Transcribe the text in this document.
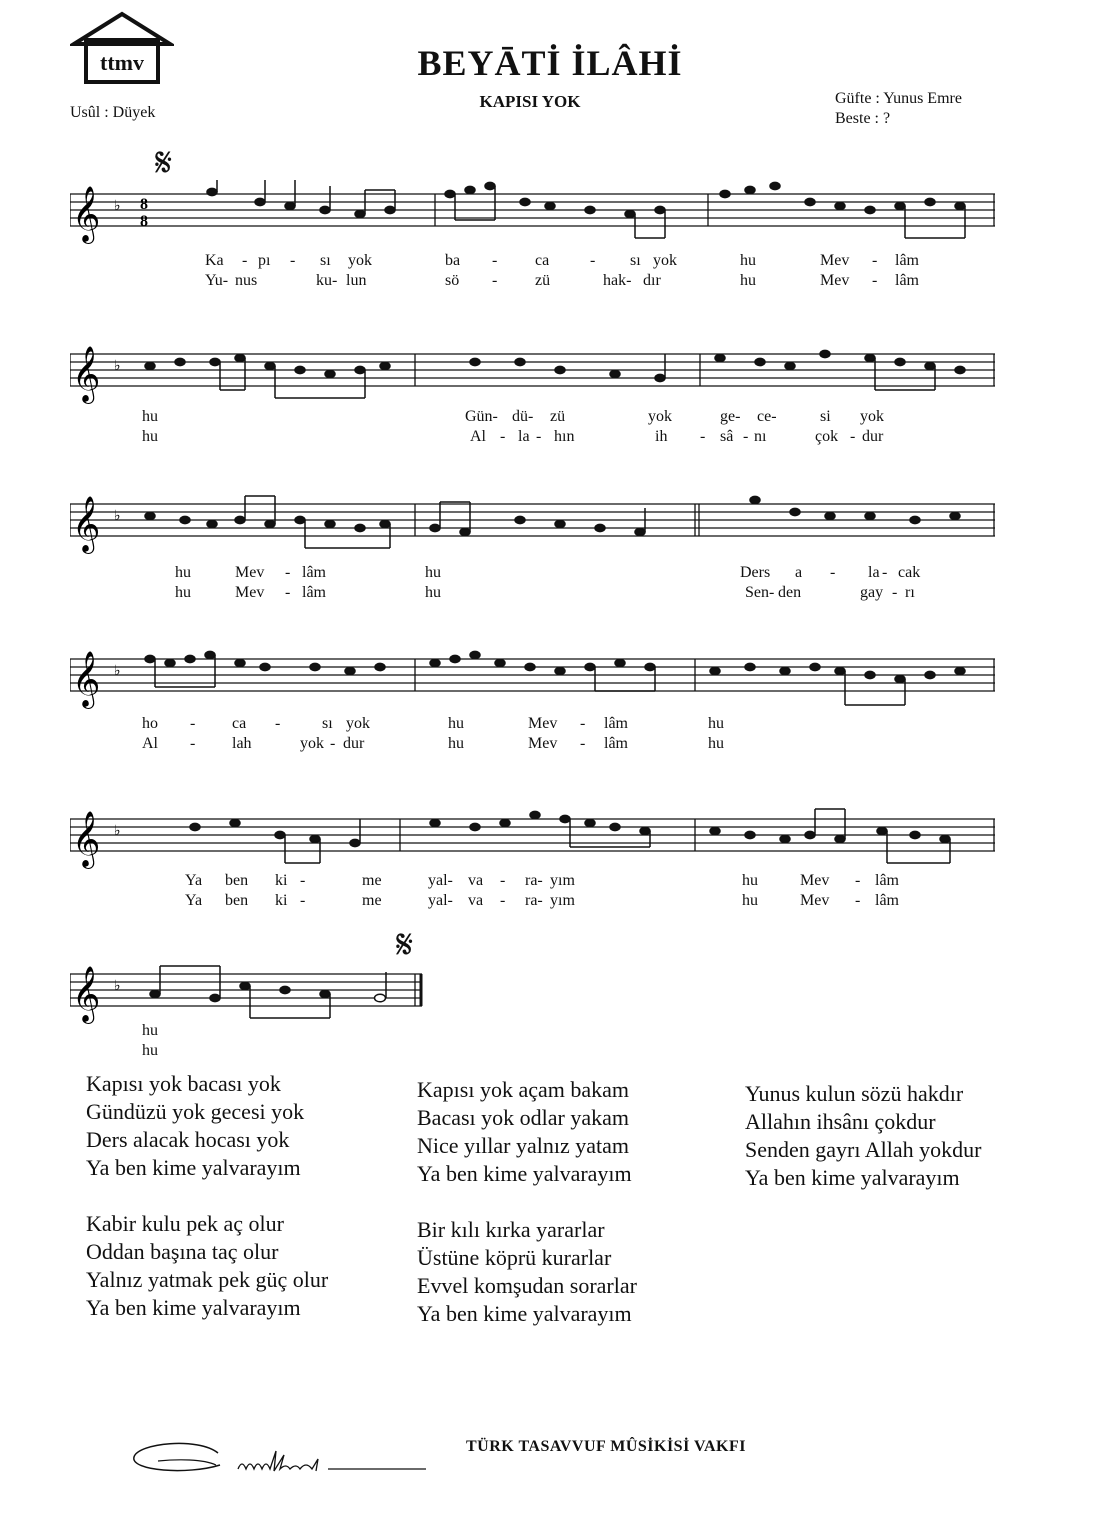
ttmv	BEYĀTİ İLÂHİ
KAPISI YOK
Usûl : Düyek
Güfte : Yunus Emre
Beste : ?
𝄋
𝄞 ♭ 8
8
Ka - pı - sı yok	ba - ca	- sı yok	hu	Mev - lâm
Yu- nus	ku- lun	sö - zü	hak- dır	hu	Mev - lâm
𝄞 ♭
hu	Gün- dü- zü	yok	ge- ce-	si yok
hu	Al - la - hın	ih - sâ - nı	çok - dur
𝄞 ♭
hu	Mev - lâm	hu	Ders a - la - cak
hu	Mev - lâm	hu	Sen- den	gay - rı
𝄞 ♭
ho - ca -	sı yok	hu	Mev - lâm	hu
Al - lah	yok - dur	hu	Mev - lâm	hu
𝄞 ♭
Ya ben ki -	me	yal- va - ra- yım	hu	Mev - lâm
Ya ben ki -	me	yal- va - ra- yım	hu	Mev - lâm
𝄋
𝄞 ♭
hu
hu
Kapısı yok bacası yok
Gündüzü yok gecesi yok
Ders alacak hocası yok
Ya ben kime yalvarayım
Kapısı yok açam bakam
Bacası yok odlar yakam
Nice yıllar yalnız yatam
Ya ben kime yalvarayım
Yunus kulun sözü hakdır
Allahın ihsânı çokdur
Senden gayrı Allah yokdur
Ya ben kime yalvarayım
Kabir kulu pek aç olur
Oddan başına taç olur
Yalnız yatmak pek güç olur
Ya ben kime yalvarayım
Bir kılı kırka yararlar
Üstüne köprü kurarlar
Evvel komşudan sorarlar
Ya ben kime yalvarayım
TÜRK TASAVVUF MÛSİKİSİ VAKFI
